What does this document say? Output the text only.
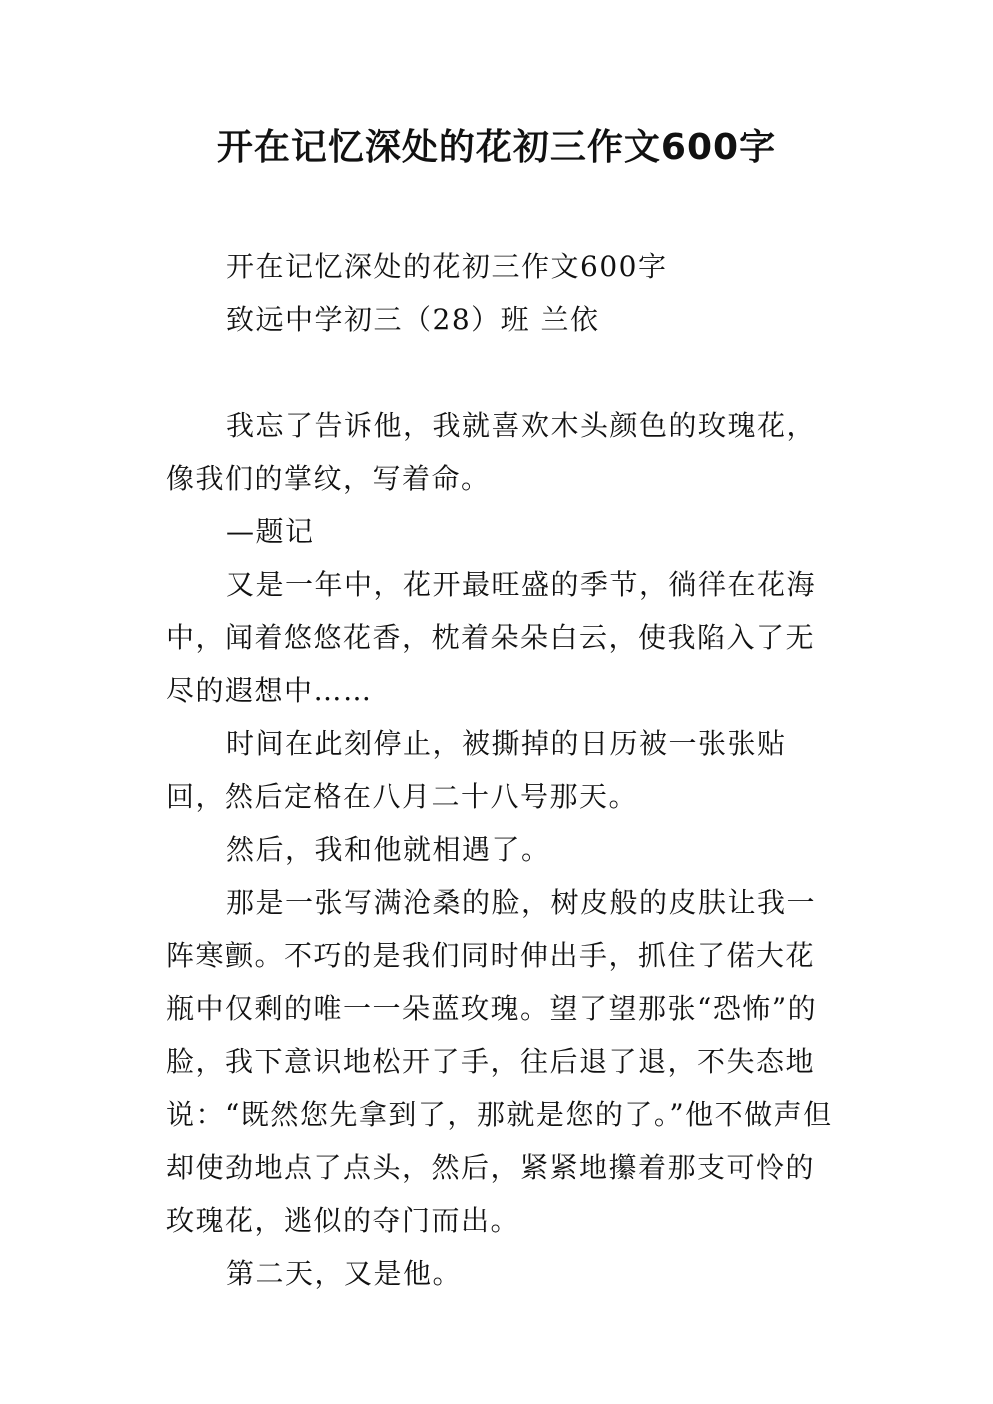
开在记忆深处的花初三作文600字

开在记忆深处的花初三作文600字

致远中学初三（28）班 兰依

我忘了告诉他，我就喜欢木头颜色的玫瑰花，像我们的掌纹，写着命。

—题记

又是一年中，花开最旺盛的季节，徜徉在花海中，闻着悠悠花香，枕着朵朵白云，使我陷入了无尽的遐想中……

时间在此刻停止，被撕掉的日历被一张张贴回，然后定格在八月二十八号那天。

然后，我和他就相遇了。

那是一张写满沧桑的脸，树皮般的皮肤让我一阵寒颤。不巧的是我们同时伸出手，抓住了偌大花瓶中仅剩的唯一一朵蓝玫瑰。望了望那张“恐怖”的脸，我下意识地松开了手，往后退了退，不失态地说：“既然您先拿到了，那就是您的了。”他不做声但却使劲地点了点头，然后，紧紧地攥着那支可怜的玫瑰花，逃似的夺门而出。

第二天，又是他。
